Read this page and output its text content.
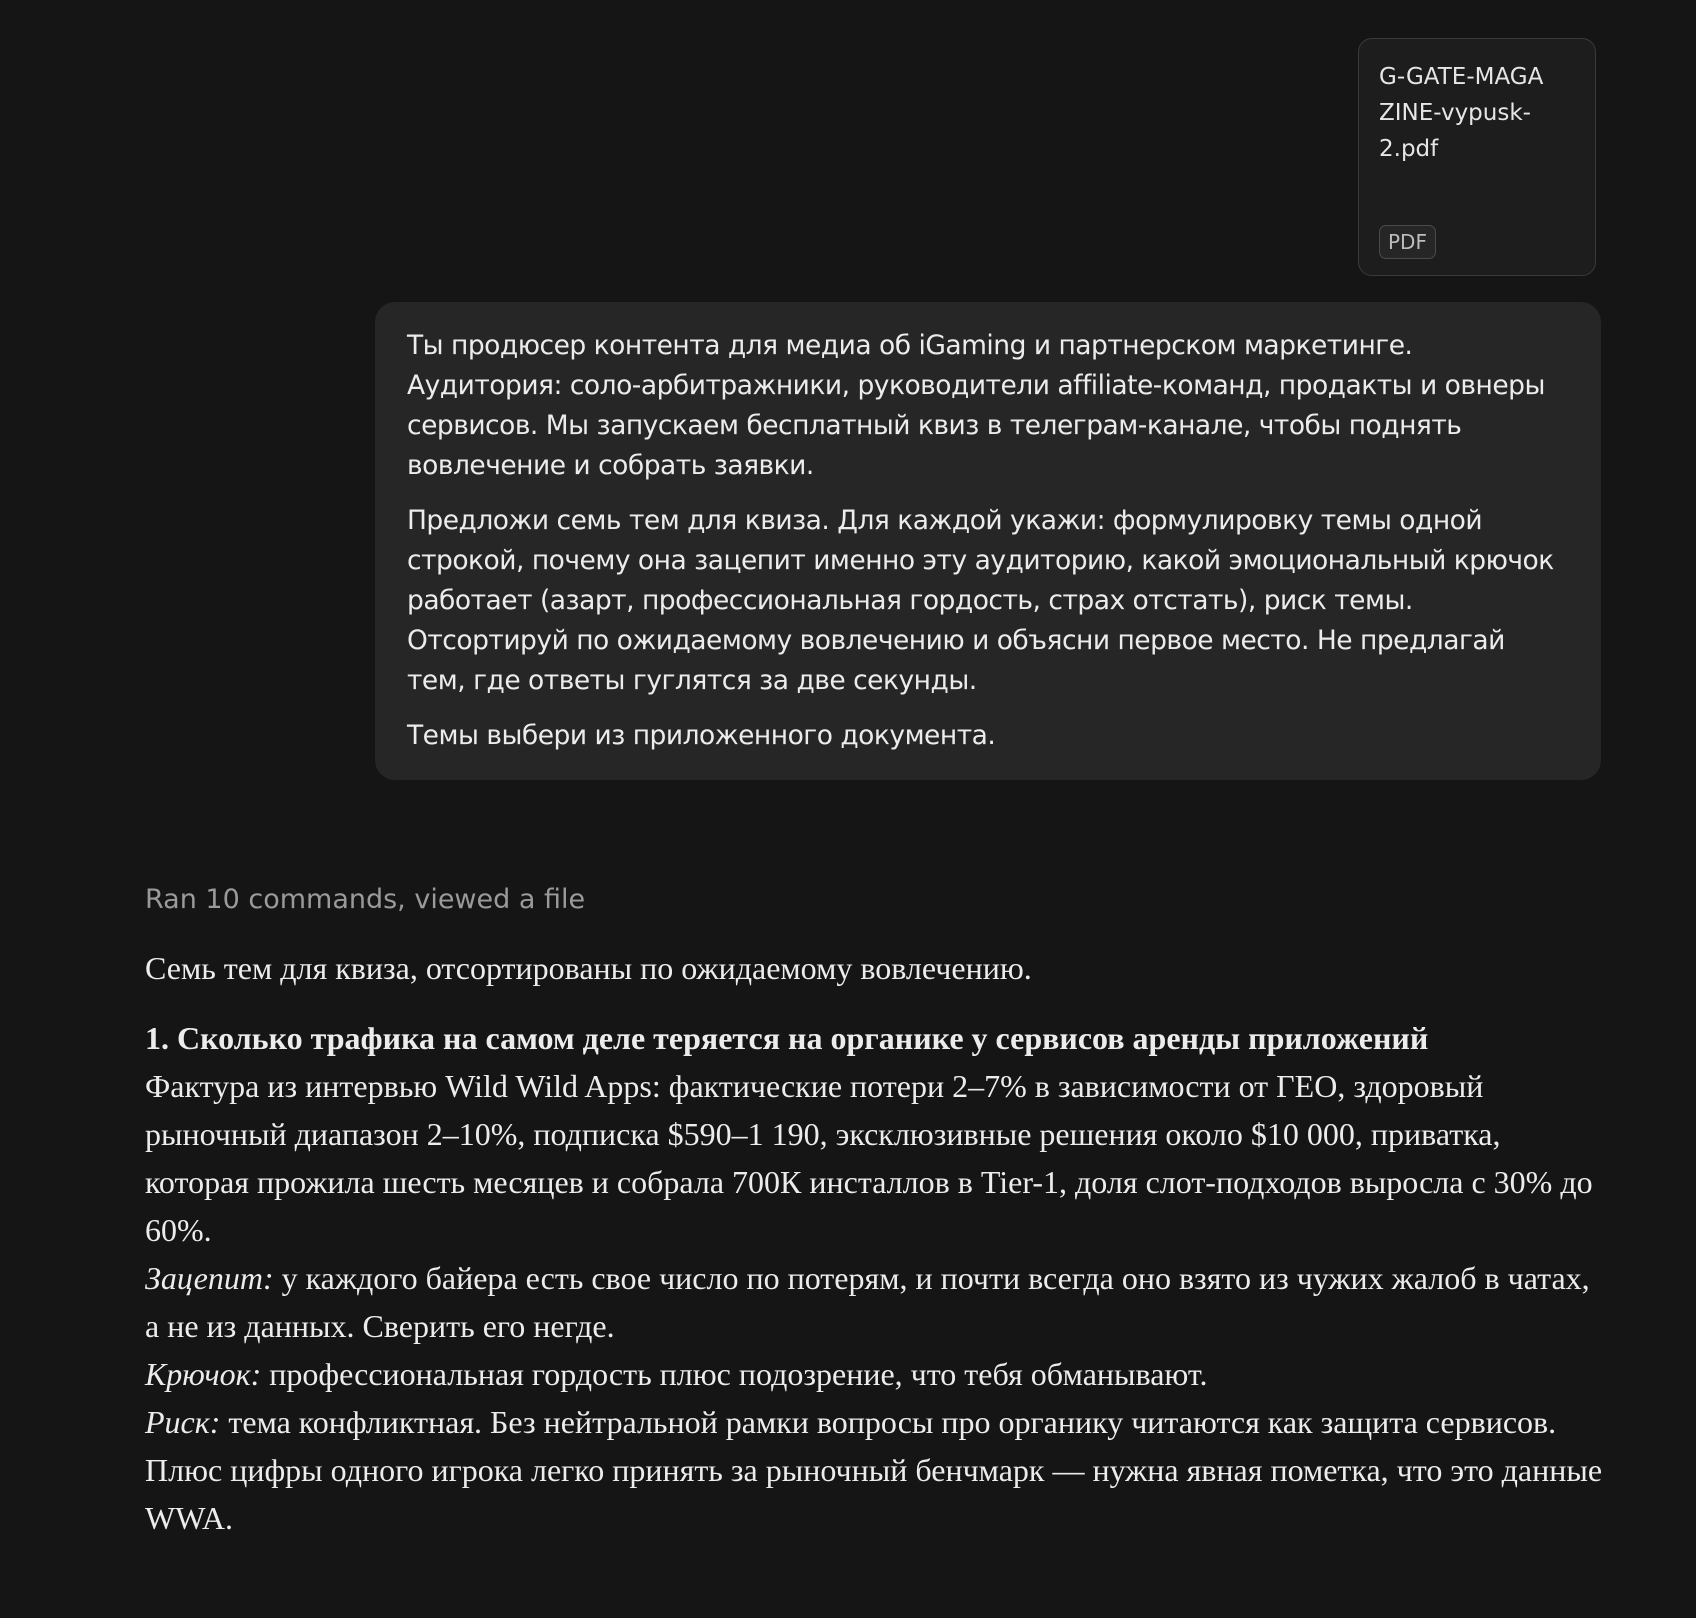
G-GATE-MAGAZINE-vypusk-2.pdf
PDF

Ты продюсер контента для медиа об iGaming и партнерском маркетинге. Аудитория: соло-арбитражники, руководители affiliate-команд, продакты и овнеры сервисов. Мы запускаем бесплатный квиз в телеграм-канале, чтобы поднять вовлечение и собрать заявки.

Предложи семь тем для квиза. Для каждой укажи: формулировку темы одной строкой, почему она зацепит именно эту аудиторию, какой эмоциональный крючок работает (азарт, профессиональная гордость, страх отстать), риск темы. Отсортируй по ожидаемому вовлечению и объясни первое место. Не предлагай тем, где ответы гуглятся за две секунды.

Темы выбери из приложенного документа.

Ran 10 commands, viewed a file

Семь тем для квиза, отсортированы по ожидаемому вовлечению.

1. Сколько трафика на самом деле теряется на органике у сервисов аренды приложений

Фактура из интервью Wild Wild Apps: фактические потери 2–7% в зависимости от ГЕО, здоровый рыночный диапазон 2–10%, подписка $590–1 190, эксклюзивные решения около $10 000, приватка, которая прожила шесть месяцев и собрала 700К инсталлов в Tier-1, доля слот-подходов выросла с 30% до 60%.

Зацепит: у каждого байера есть свое число по потерям, и почти всегда оно взято из чужих жалоб в чатах, а не из данных. Сверить его негде.

Крючок: профессиональная гордость плюс подозрение, что тебя обманывают.

Риск: тема конфликтная. Без нейтральной рамки вопросы про органику читаются как защита сервисов. Плюс цифры одного игрока легко принять за рыночный бенчмарк — нужна явная пометка, что это данные WWA.
